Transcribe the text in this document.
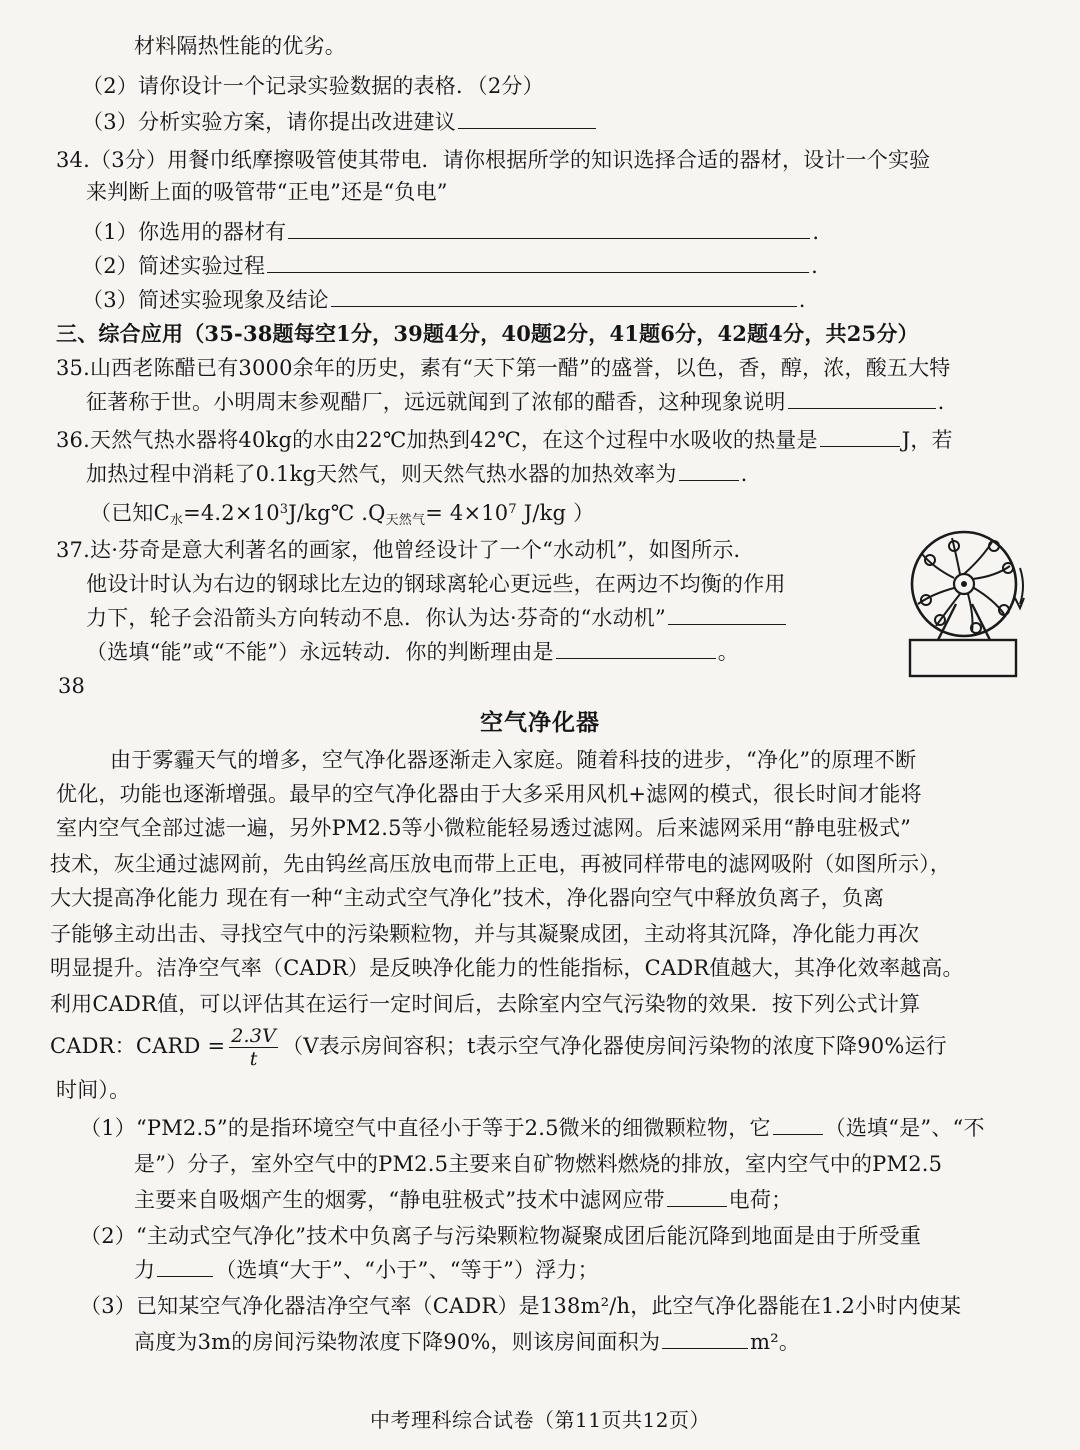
材料隔热性能的优劣。
（2）请你设计一个记录实验数据的表格．（2分）
（3）分析实验方案，请你提出改进建议
34.（3分）用餐巾纸摩擦吸管使其带电．请你根据所学的知识选择合适的器材，设计一个实验
来判断上面的吸管带“正电”还是“负电”
（1）你选用的器材有	.
（2）简述实验过程	.
（3）简述实验现象及结论	.
三、综合应用（35-38题每空1分，39题4分，40题2分，41题6分，42题4分，共25分）
35.山西老陈醋已有3000余年的历史，素有“天下第一醋”的盛誉，以色，香，醇，浓，酸五大特
征著称于世。小明周末参观醋厂，远远就闻到了浓郁的醋香，这种现象说明	.
36.天然气热水器将40kg的水由22℃加热到42℃，在这个过程中水吸收的热量是	J，若
加热过程中消耗了0.1kg天然气，则天然气热水器的加热效率为	.
（已知$C_水=4.2\times 10^3J/kg℃$ $.Q_{天然气}= 4\times 10^7$ J/kg ）
37.达·芬奇是意大利著名的画家，他曾经设计了一个“水动机”，如图所示．
他设计时认为右边的钢球比左边的钢球离轮心更远些，在两边不均衡的作用
力下，轮子会沿箭头方向转动不息．你认为达·芬奇的“水动机”
（选填“能”或“不能”）永远转动．你的判断理由是	。
38
空气净化器
由于雾霾天气的增多，空气净化器逐渐走入家庭。随着科技的进步，“净化”的原理不断
优化，功能也逐渐增强。最早的空气净化器由于大多采用风机+滤网的模式，很长时间才能将
室内空气全部过滤一遍，另外PM2.5等小微粒能轻易透过滤网。后来滤网采用“静电驻极式”
技术，灰尘通过滤网前，先由钨丝高压放电而带上正电，再被同样带电的滤网吸附（如图所示），
大大提高净化能力 现在有一种“主动式空气净化”技术，净化器向空气中释放负离子，负离
子能够主动出击、寻找空气中的污染颗粒物，并与其凝聚成团，主动将其沉降，净化能力再次
明显提升。洁净空气率（CADR）是反映净化能力的性能指标，CADR值越大，其净化效率越高。
利用CADR值，可以评估其在运行一定时间后，去除室内空气污染物的效果．按下列公式计算
CADR：CARD = $\frac{2.3V}{t} (V$表示房间容积；t表示空气净化器使房间污染物的浓度下降90%运行
时间）。
（1）“PM2.5”的是指环境空气中直径小于等于2.5微米的细微颗粒物，它	（选填“是”、“不
是”）分子，室外空气中的PM2.5主要来自矿物燃料燃烧的排放，室内空气中的PM2.5
主要来自吸烟产生的烟雾，“静电驻极式”技术中滤网应带	电荷；
（2）“主动式空气净化”技术中负离子与污染颗粒物凝聚成团后能沉降到地面是由于所受重
力	（选填“大于”、“小于”、“等于”）浮力；
（3）已知某空气净化器洁净空气率（CADR）是138m²/h，此空气净化器能在1.2小时内使某
高度为3m的房间污染物浓度下降90%，则该房间面积为	m²。
中考理科综合试卷（第11页共12页）
